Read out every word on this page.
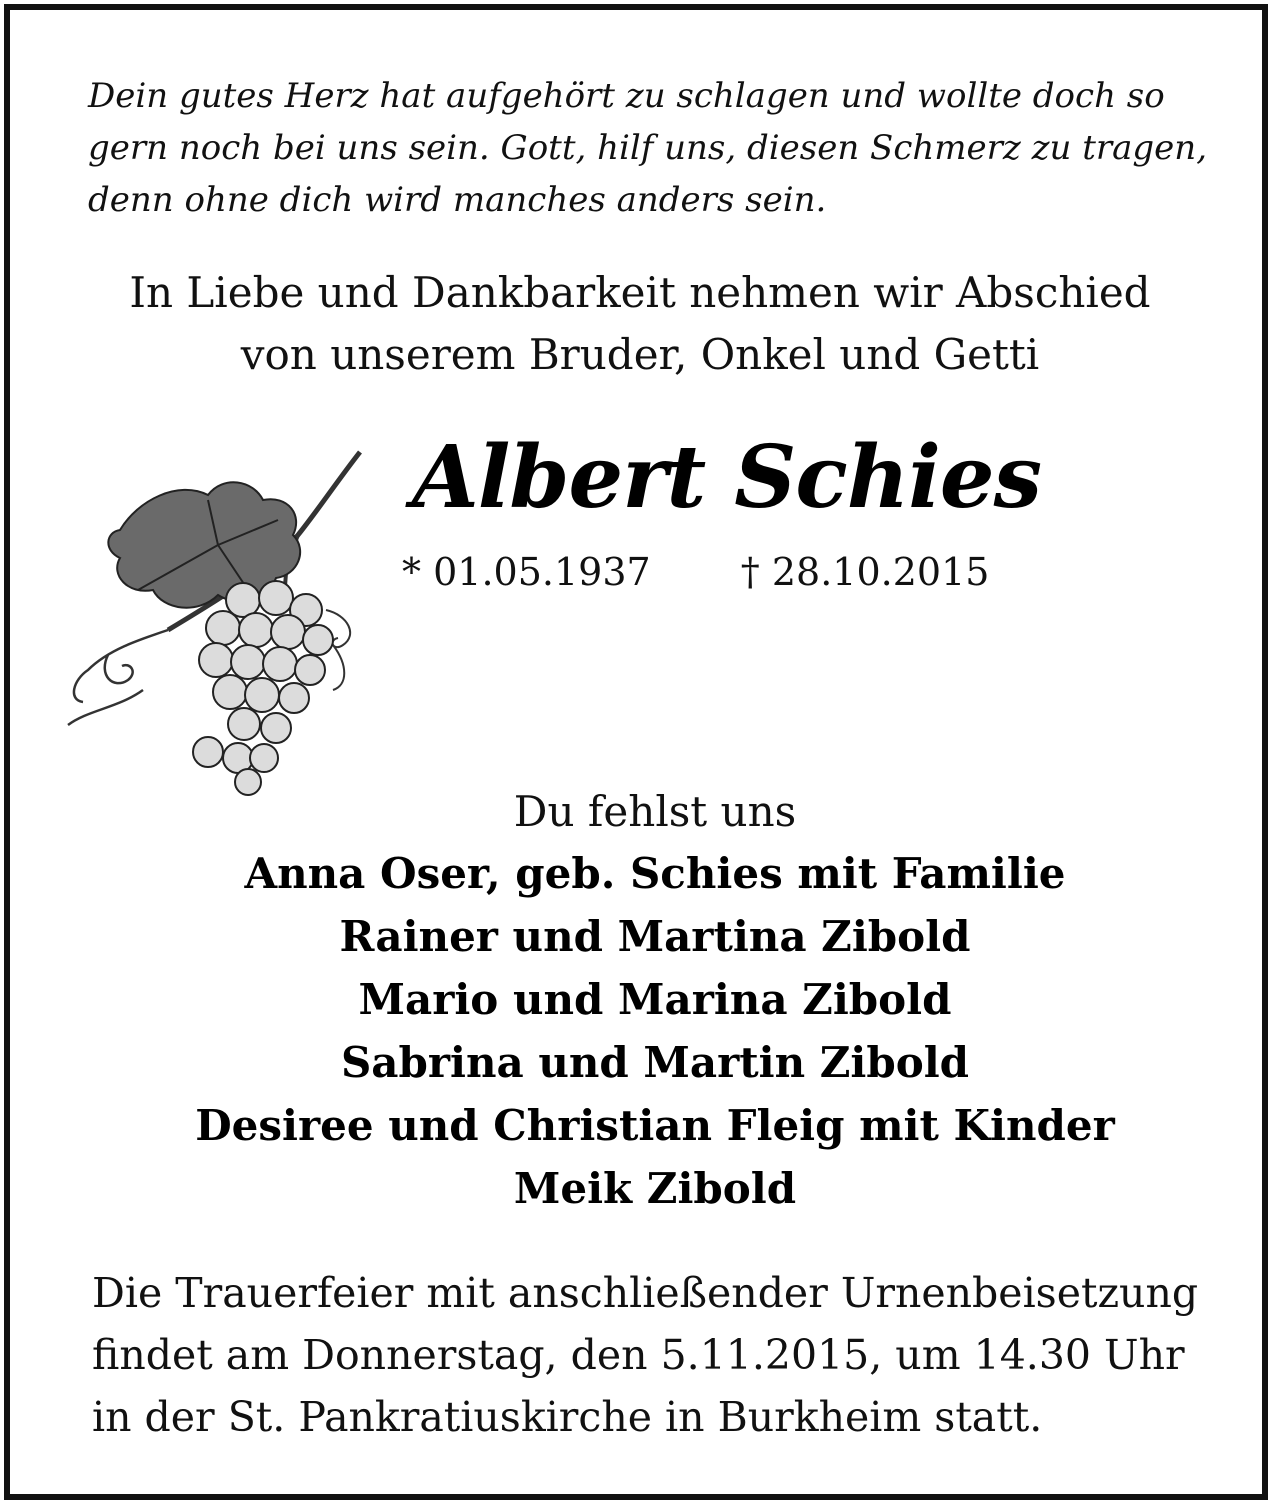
Dein gutes Herz hat aufgehört zu schlagen und wollte doch so
gern noch bei uns sein. Gott, hilf uns, diesen Schmerz zu tragen,
denn ohne dich wird manches anders sein.
In Liebe und Dankbarkeit nehmen wir Abschied
von unserem Bruder, Onkel und Getti
Albert Schies
* 01.05.1937 † 28.10.2015
Du fehlst uns
Anna Oser, geb. Schies mit Familie
Rainer und Martina Zibold
Mario und Marina Zibold
Sabrina und Martin Zibold
Desiree und Christian Fleig mit Kinder
Meik Zibold
Die Trauerfeier mit anschließender Urnenbeisetzung
findet am Donnerstag, den 5.11.2015, um 14.30 Uhr
in der St. Pankratiuskirche in Burkheim statt.
